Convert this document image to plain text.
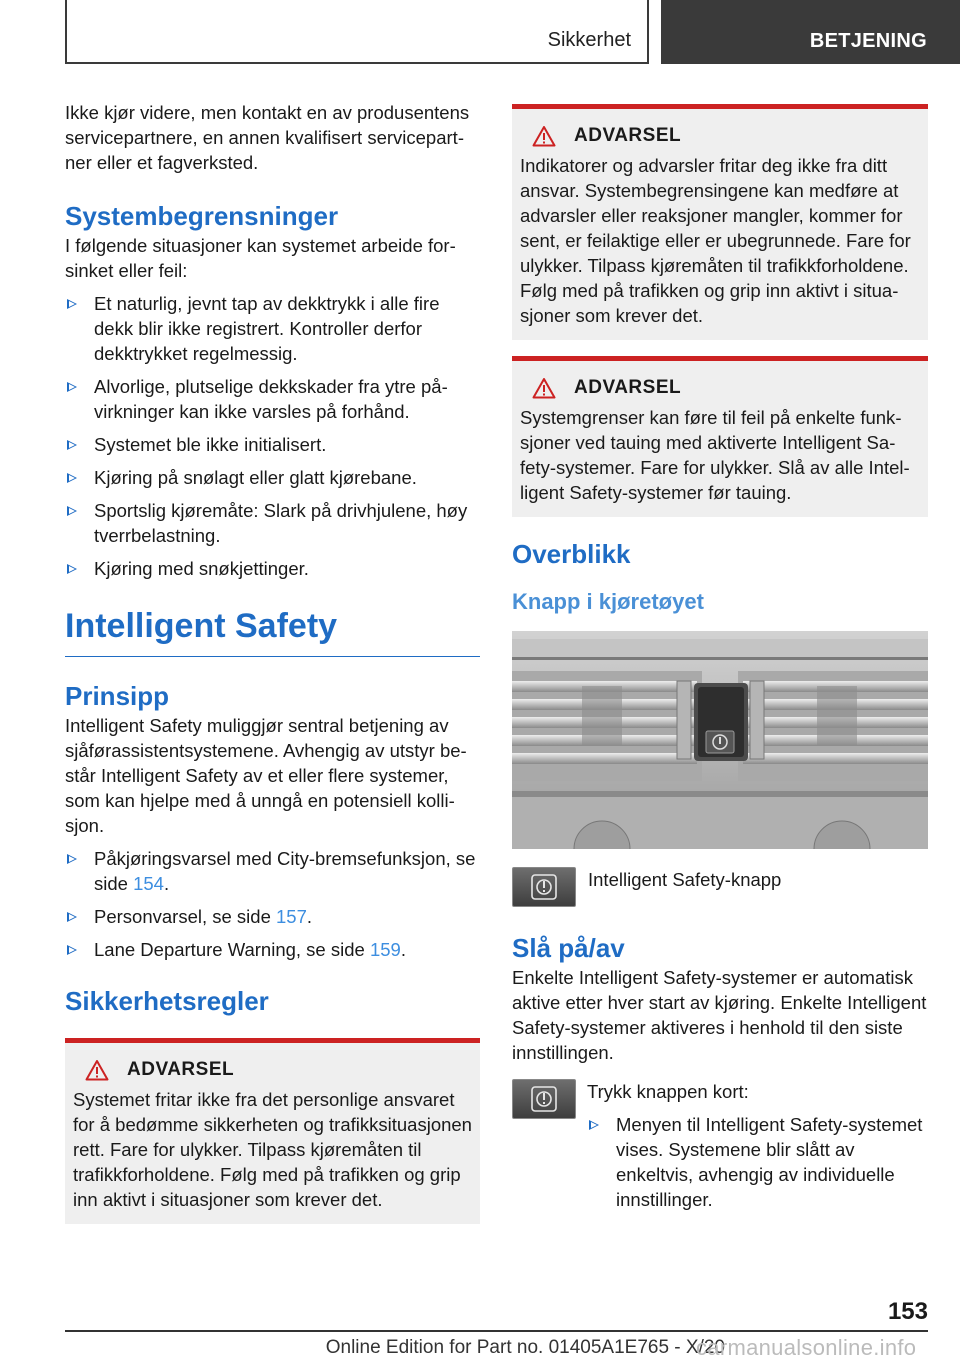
Sikkerhet	BETJENING

Ikke kjør videre, men kontakt en av produsentens servicepartnere, en annen kvalifisert servicepartner eller et fagverksted.

Systembegrensninger

I følgende situasjoner kan systemet arbeide forsinket eller feil:

Et naturlig, jevnt tap av dekktrykk i alle fire dekk blir ikke registrert. Kontroller derfor dekktrykket regelmessig.
Alvorlige, plutselige dekkskader fra ytre påvirkninger kan ikke varsles på forhånd.
Systemet ble ikke initialisert.
Kjøring på snølagt eller glatt kjørebane.
Sportslig kjøremåte: Slark på drivhjulene, høy tverrbelastning.
Kjøring med snøkjettinger.
Intelligent Safety
Prinsipp

Intelligent Safety muliggjør sentral betjening av sjåførassistentsystemene. Avhengig av utstyr består Intelligent Safety av et eller flere systemer, som kan hjelpe med å unngå en potensiell kollisjon.

Påkjøringsvarsel med City-bremsefunksjon, se side 154.
Personvarsel, se side 157.
Lane Departure Warning, se side 159.
Sikkerhetsregler
ADVARSEL

Systemet fritar ikke fra det personlige ansvaret for å bedømme sikkerheten og trafikksituasjonen rett. Fare for ulykker. Tilpass kjøremåten til trafikkforholdene. Følg med på trafikken og grip inn aktivt i situasjoner som krever det.

ADVARSEL

Indikatorer og advarsler fritar deg ikke fra ditt ansvar. Systembegrensingene kan medføre at advarsler eller reaksjoner mangler, kommer for sent, er feilaktige eller er ubegrunnede. Fare for ulykker. Tilpass kjøremåten til trafikkforholdene. Følg med på trafikken og grip inn aktivt i situasjoner som krever det.

ADVARSEL

Systemgrenser kan føre til feil på enkelte funksjoner ved tauing med aktiverte Intelligent Safety-systemer. Fare for ulykker. Slå av alle Intelligent Safety-systemer før tauing.

Overblikk
Knapp i kjøretøyet
Intelligent Safety-knapp
Slå på/av

Enkelte Intelligent Safety-systemer er automatisk aktive etter hver start av kjøring. Enkelte Intelligent Safety-systemer aktiveres i henhold til den siste innstillingen.

Trykk knappen kort:

Menyen til Intelligent Safety-systemet vises. Systemene blir slått av enkeltvis, avhengig av individuelle innstillinger.
153
Online Edition for Part no. 01405A1E765 - X/20
carmanualsonline.info
